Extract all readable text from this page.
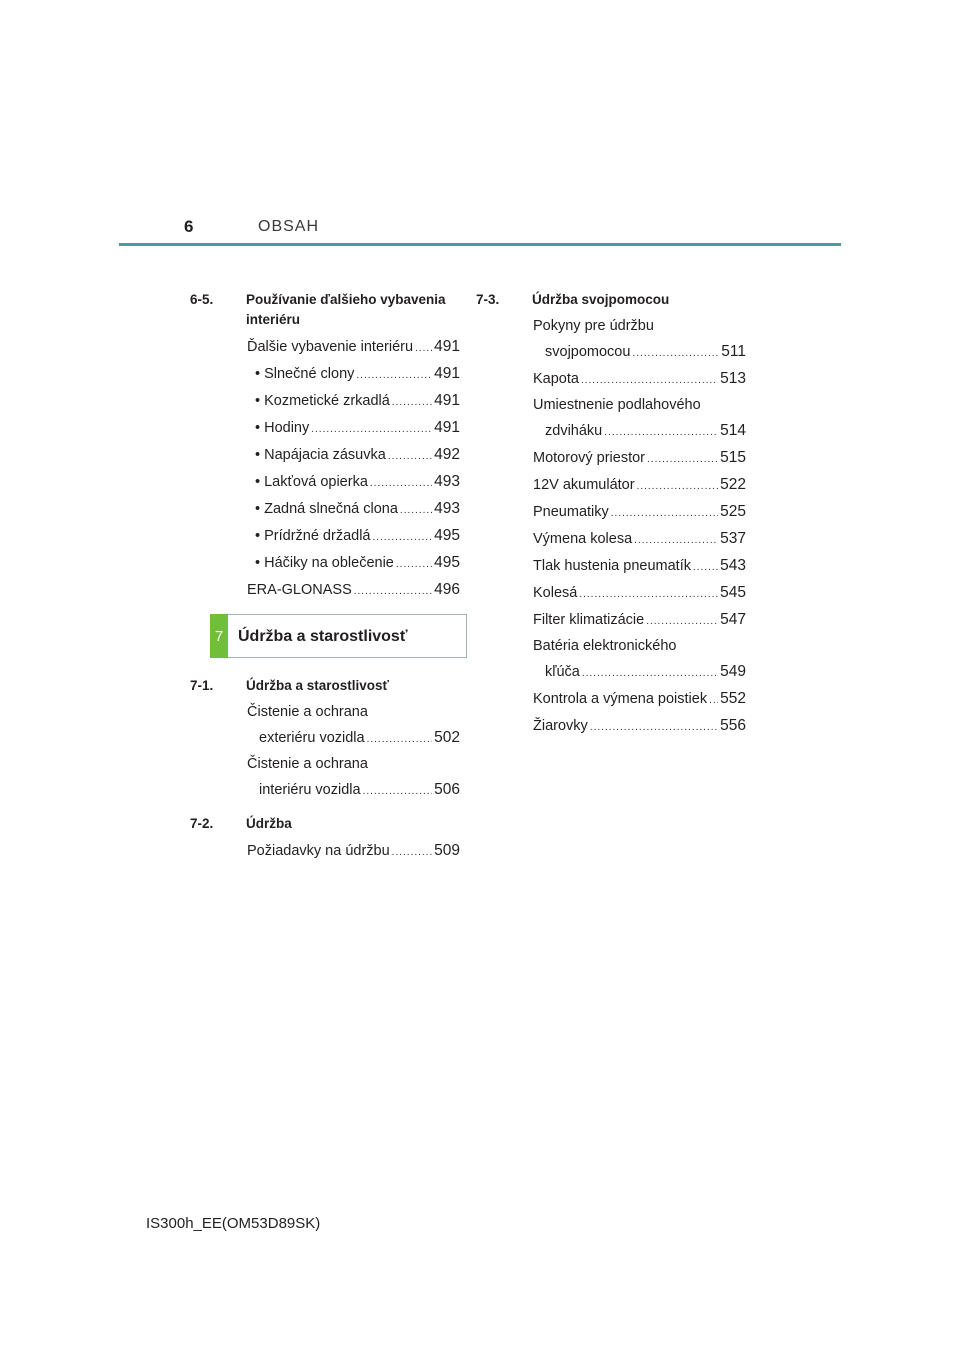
6	OBSAH
6-5.	Používanie ďalšieho vybavenia interiéru
Ďalšie vybavenie interiéru ..... 491
• Slnečné clony .....	491
• Kozmetické zrkadlá .....	491
• Hodiny .....	491
• Napájacia zásuvka .....	492
• Lakťová opierka .....	493
• Zadná slnečná clona ..... 493
• Prídržné držadlá .....	495
• Háčiky na oblečenie .....	495
ERA-GLONASS .....	496
7 Údržba a starostlivosť
7-1.	Údržba a starostlivosť
Čistenie a ochrana
exteriéru vozidla .....	502
Čistenie a ochrana
interiéru vozidla .....	506
7-2.	Údržba
Požiadavky na údržbu .....	509
7-3.	Údržba svojpomocou
Pokyny pre údržbu
svojpomocou .....	511
Kapota .....	513
Umiestnenie podlahového
zdviháku .....	514
Motorový priestor .....	515
12V akumulátor .....	522
Pneumatiky .....	525
Výmena kolesa .....	537
Tlak hustenia pneumatík ..... 543
Kolesá .....	545
Filter klimatizácie .....	547
Batéria elektronického
kľúča .....	549
Kontrola a výmena poistiek ..... 552
Žiarovky .....	556
IS300h_EE(OM53D89SK)
